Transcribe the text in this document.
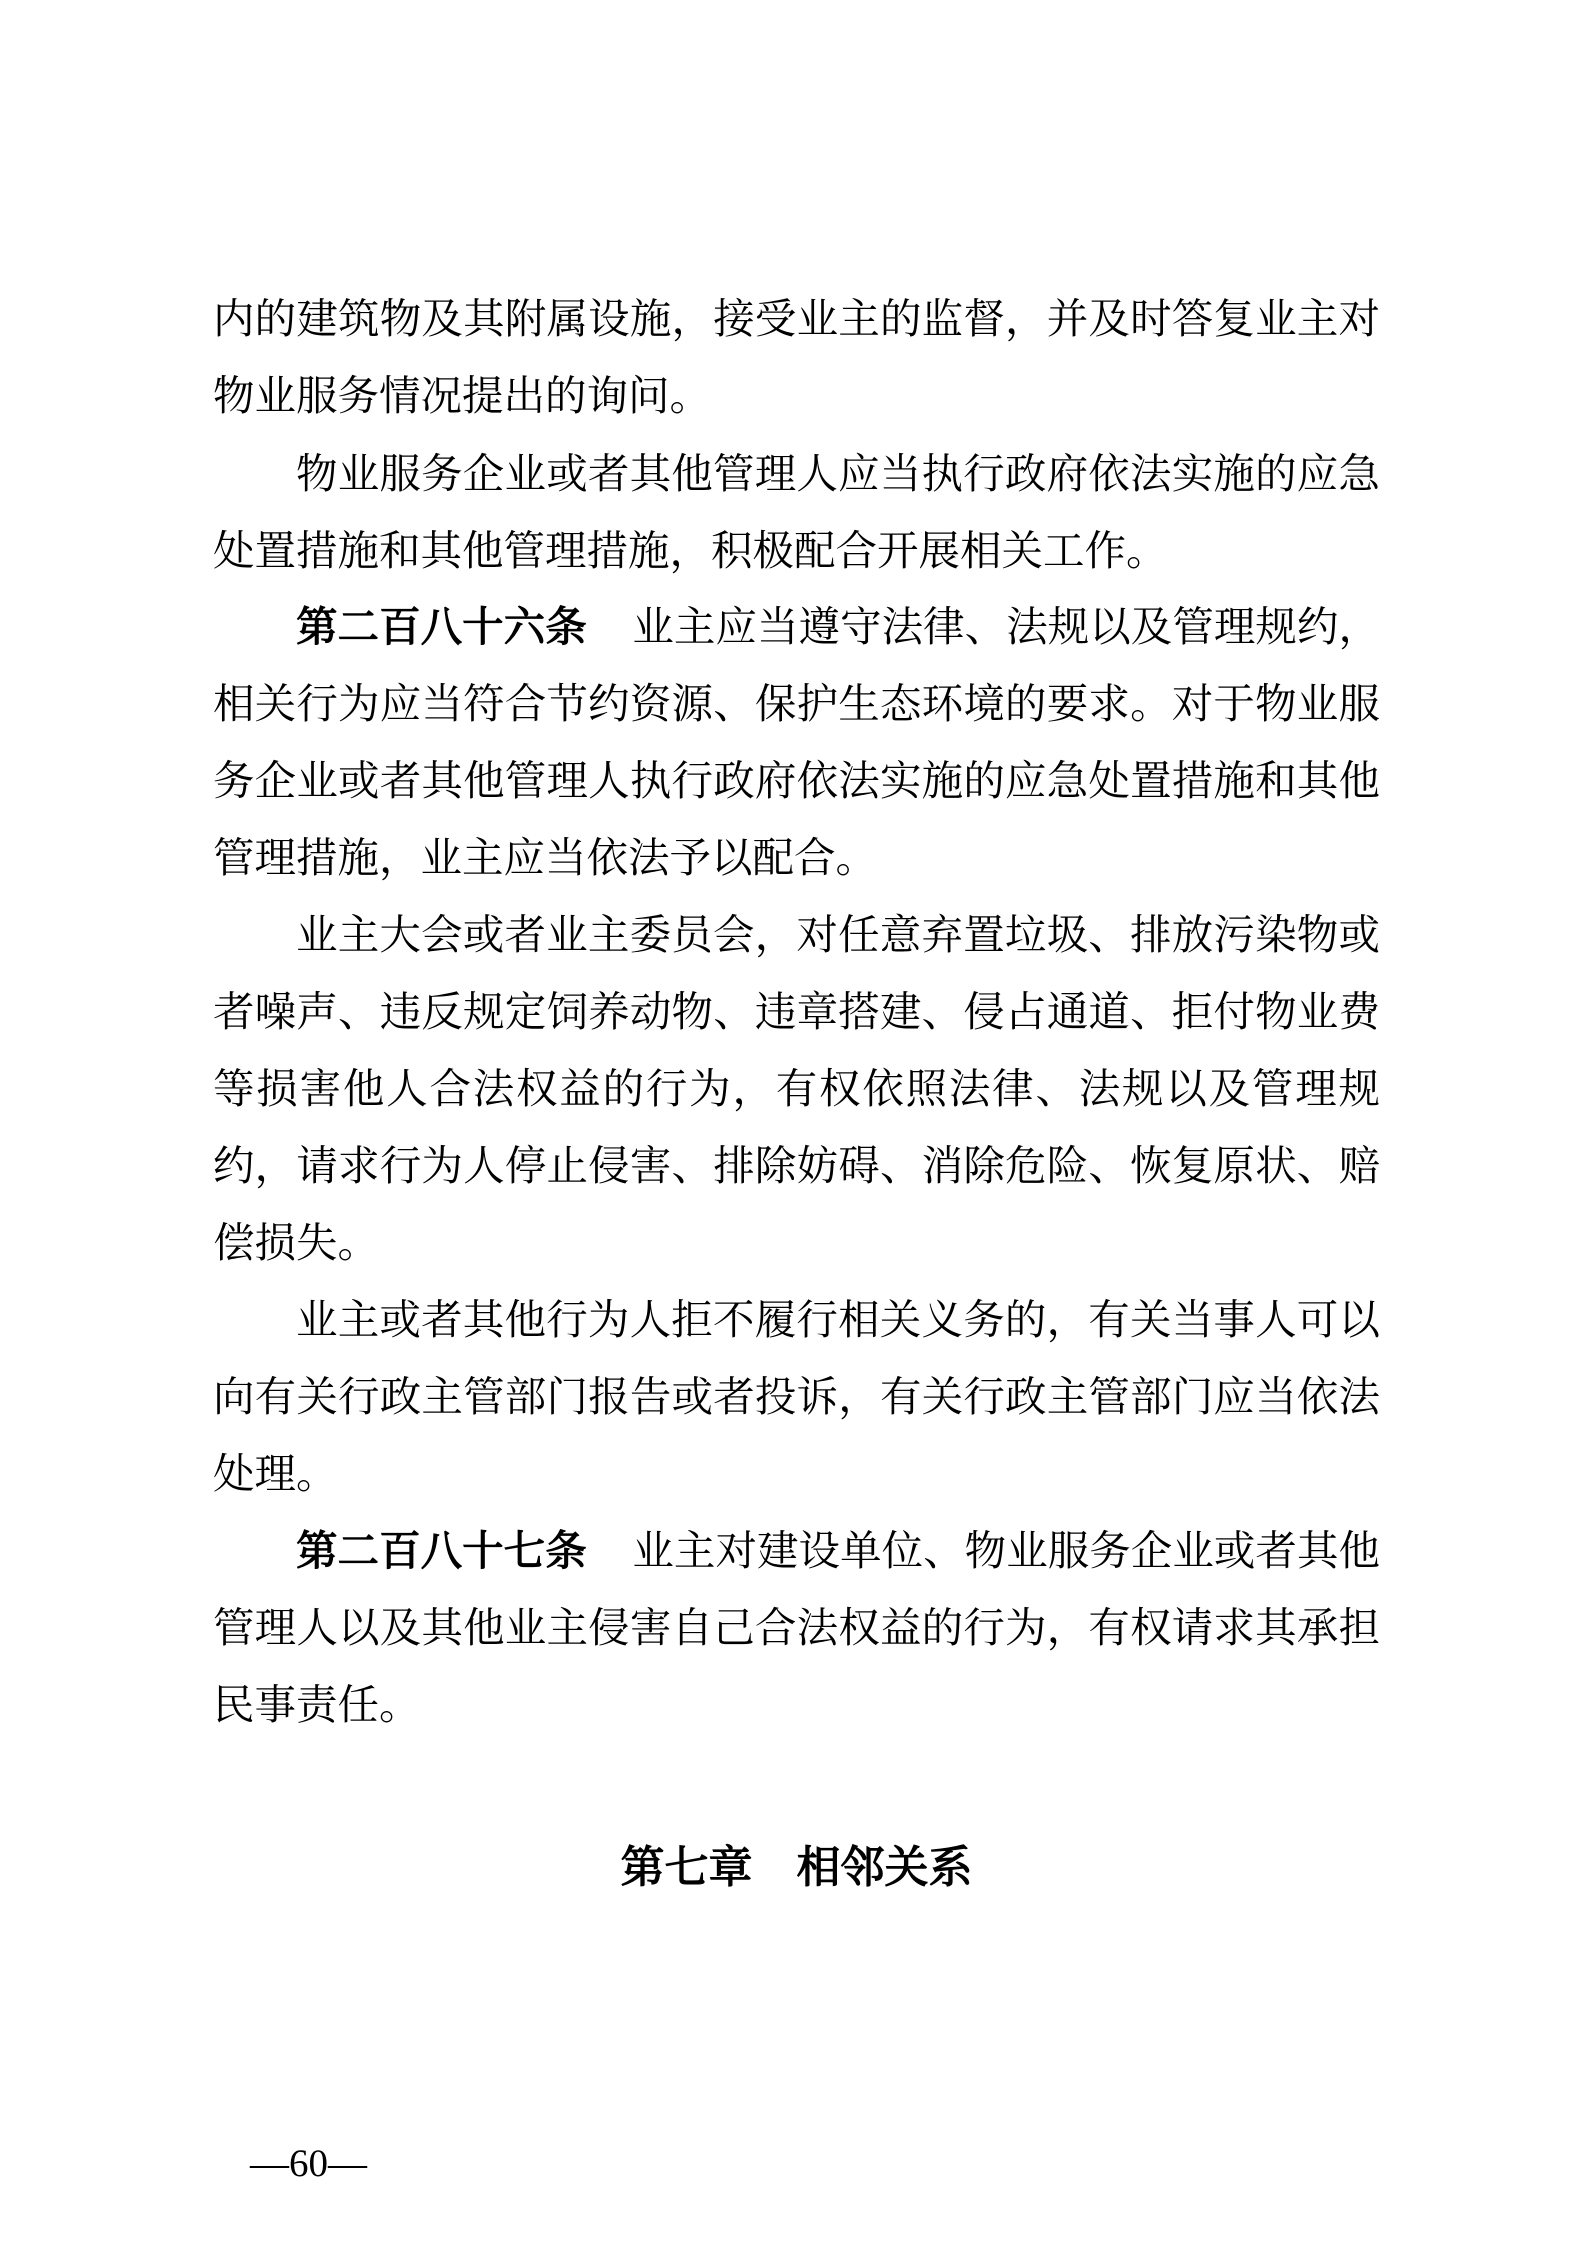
内的建筑物及其附属设施，接受业主的监督，并及时答复业主对物业服务情况提出的询问。

物业服务企业或者其他管理人应当执行政府依法实施的应急处置措施和其他管理措施，积极配合开展相关工作。

第二百八十六条 业主应当遵守法律、法规以及管理规约，相关行为应当符合节约资源、保护生态环境的要求。对于物业服务企业或者其他管理人执行政府依法实施的应急处置措施和其他管理措施，业主应当依法予以配合。

业主大会或者业主委员会，对任意弃置垃圾、排放污染物或者噪声、违反规定饲养动物、违章搭建、侵占通道、拒付物业费等损害他人合法权益的行为，有权依照法律、法规以及管理规约，请求行为人停止侵害、排除妨碍、消除危险、恢复原状、赔偿损失。

业主或者其他行为人拒不履行相关义务的，有关当事人可以向有关行政主管部门报告或者投诉，有关行政主管部门应当依法处理。

第二百八十七条 业主对建设单位、物业服务企业或者其他管理人以及其他业主侵害自己合法权益的行为，有权请求其承担民事责任。

第七章 相邻关系
—60—
